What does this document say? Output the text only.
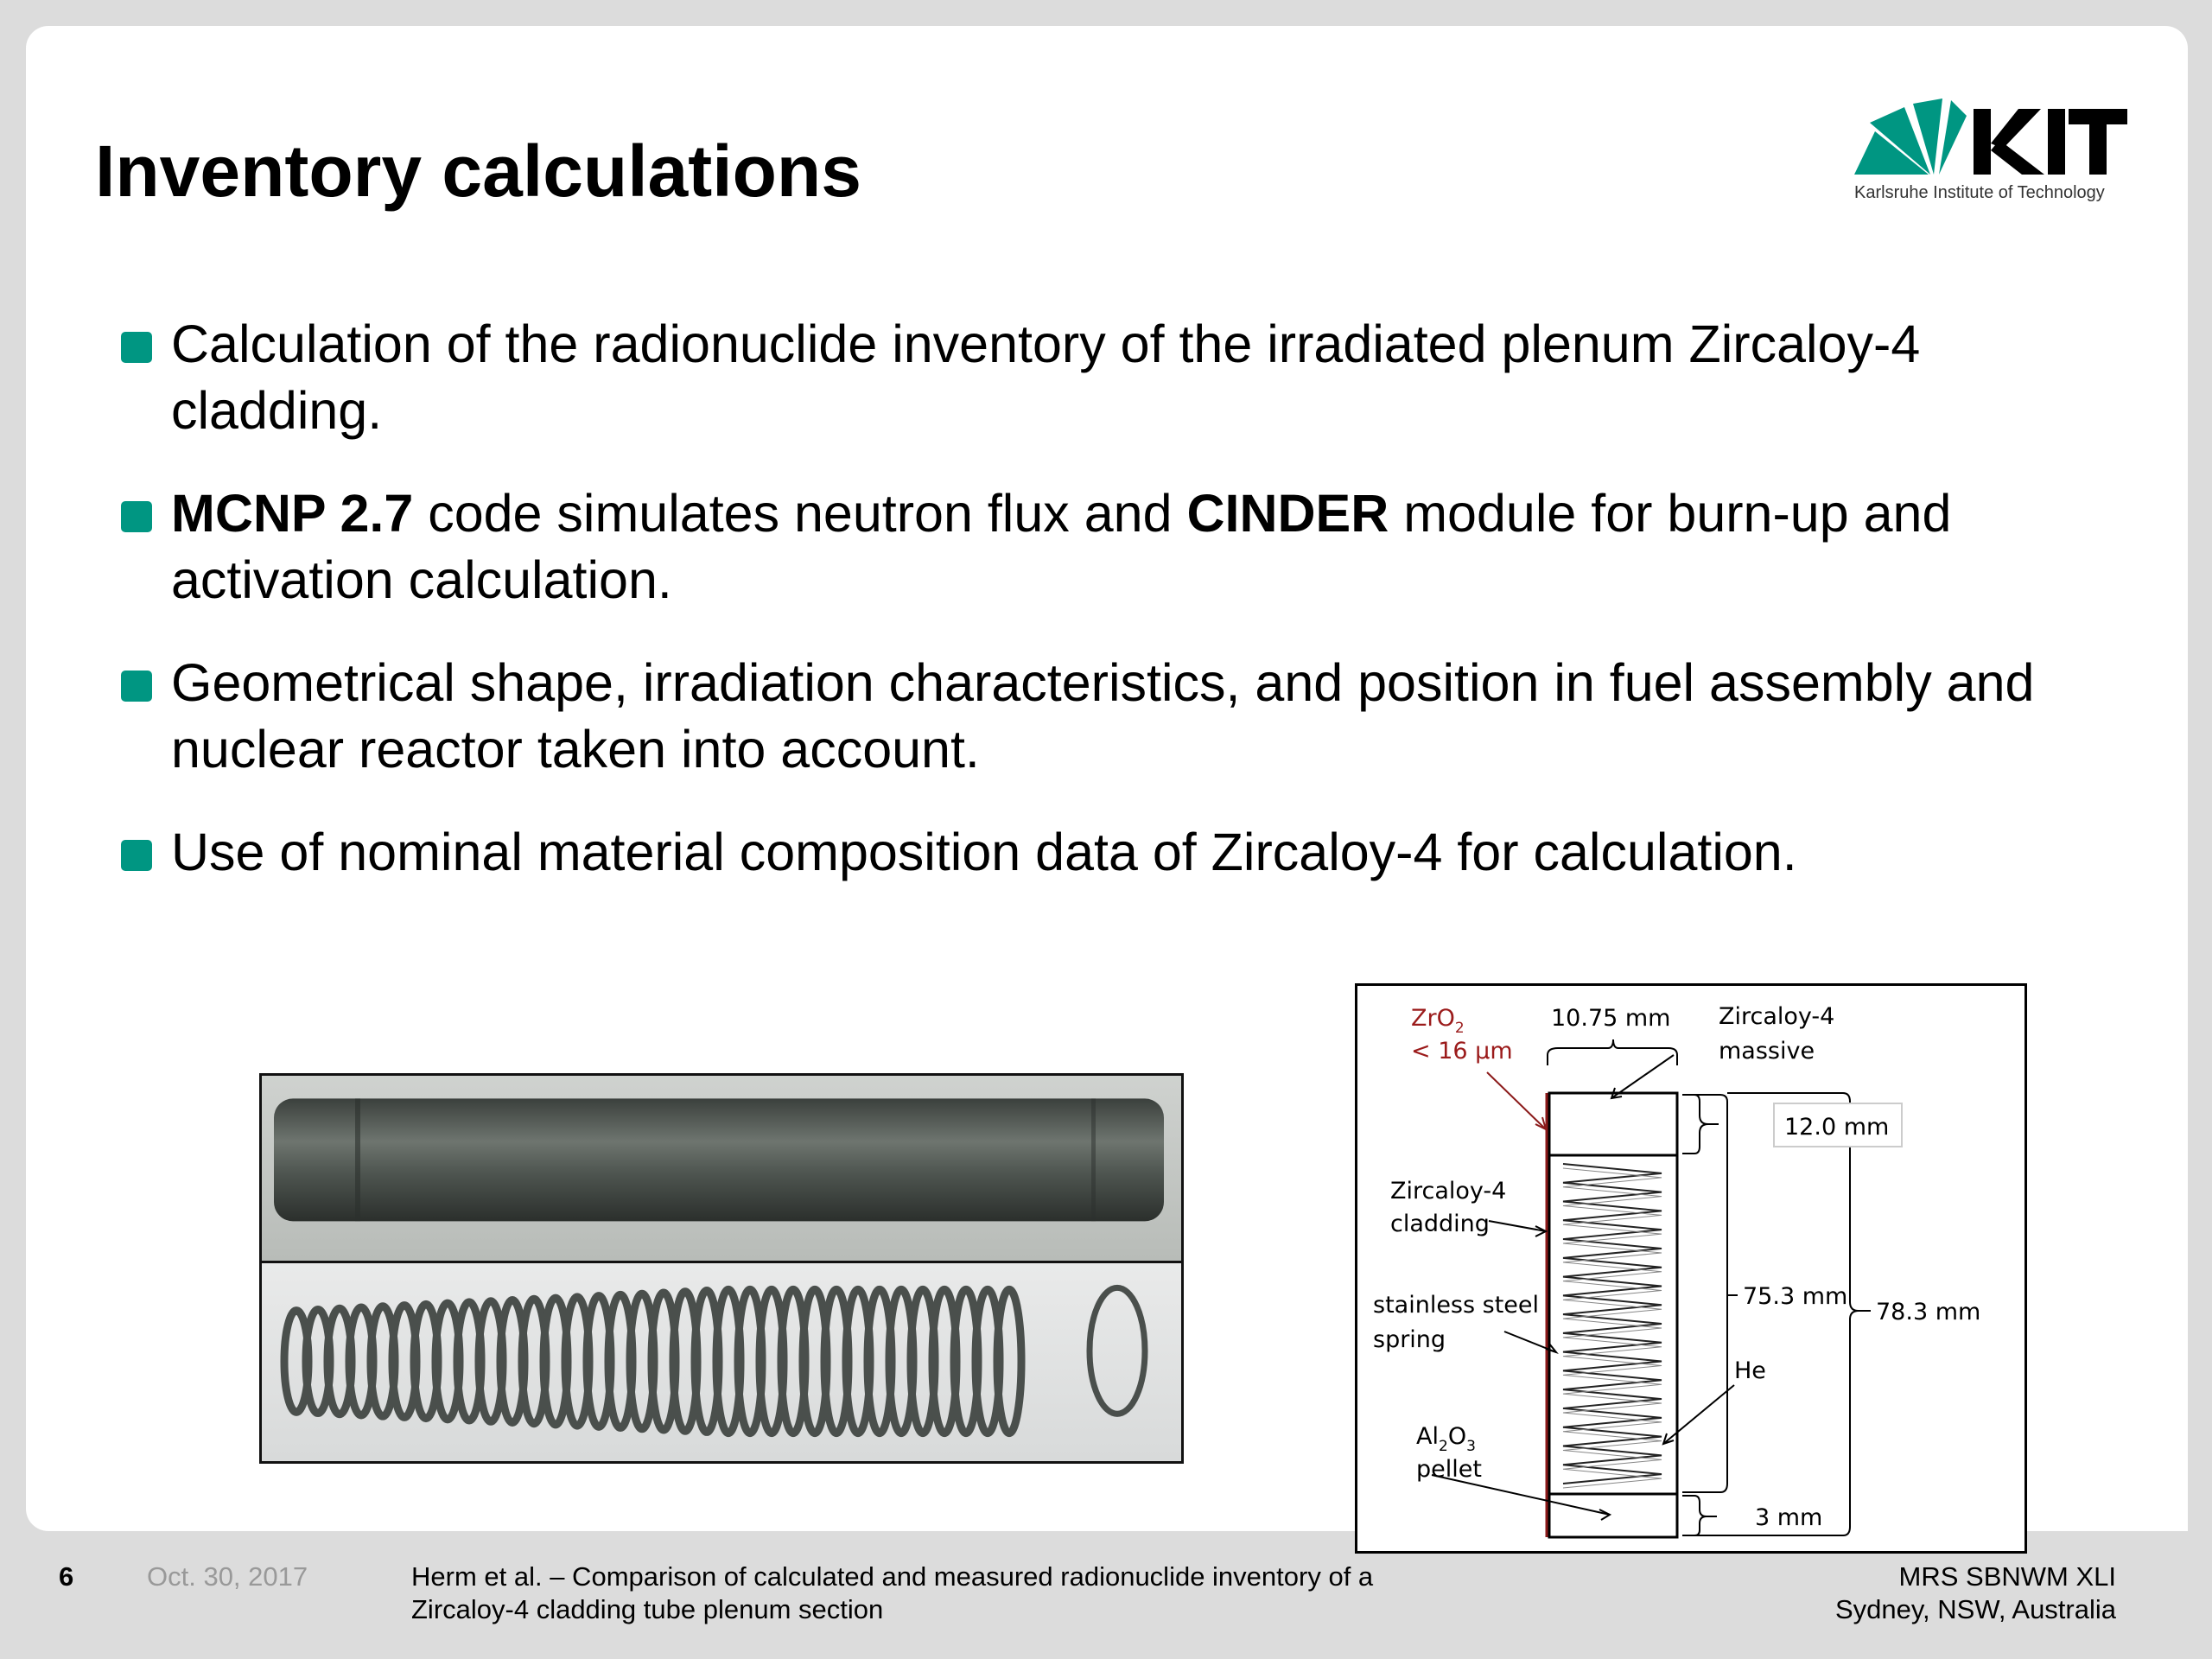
Inventory calculations	Karlsruhe Institute of Technology
Calculation of the radionuclide inventory of the irradiated plenum Zircaloy-4 cladding.
MCNP 2.7 code simulates neutron flux and CINDER module for burn-up and activation calculation.
Geometrical shape, irradiation characteristics, and position in fuel assembly and nuclear reactor taken into account.
Use of nominal material composition data of Zircaloy-4 for calculation.
ZrO$_2$
< 16 µm
10.75 mm Zircaloy-4
massive
12.0 mm
Zircaloy-4
cladding
stainless steel
spring
75.3 mm
78.3 mm
He
$Al_2O_3$
pellet
3 mm
6	Oct. 30, 2017	Herm et al. – Comparison of calculated and measured radionuclide inventory of a
Zircaloy-4 cladding tube plenum section
MRS SBNWM XLI
Sydney, NSW, Australia
